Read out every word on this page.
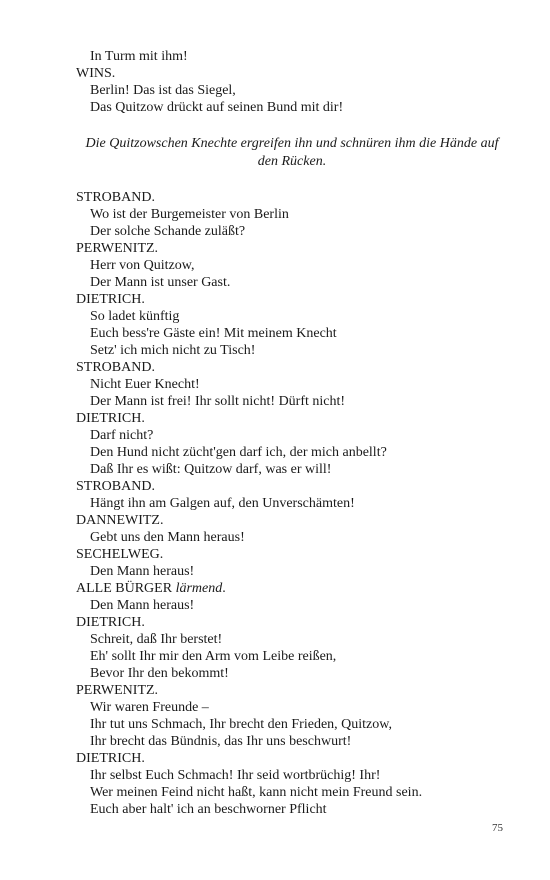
In Turm mit ihm!
WINS.
Berlin! Das ist das Siegel,
Das Quitzow drückt auf seinen Bund mit dir!
Die Quitzowschen Knechte ergreifen ihn und schnüren ihm die Hände auf den Rücken.
STROBAND.
Wo ist der Burgemeister von Berlin
Der solche Schande zuläßt?
PERWENITZ.
Herr von Quitzow,
Der Mann ist unser Gast.
DIETRICH.
So ladet künftig
Euch bess're Gäste ein! Mit meinem Knecht
Setz' ich mich nicht zu Tisch!
STROBAND.
Nicht Euer Knecht!
Der Mann ist frei! Ihr sollt nicht! Dürft nicht!
DIETRICH.
Darf nicht?
Den Hund nicht zücht'gen darf ich, der mich anbellt?
Daß Ihr es wißt: Quitzow darf, was er will!
STROBAND.
Hängt ihn am Galgen auf, den Unverschämten!
DANNEWITZ.
Gebt uns den Mann heraus!
SECHELWEG.
Den Mann heraus!
ALLE BÜRGER lärmend.
Den Mann heraus!
DIETRICH.
Schreit, daß Ihr berstet!
Eh' sollt Ihr mir den Arm vom Leibe reißen,
Bevor Ihr den bekommt!
PERWENITZ.
Wir waren Freunde –
Ihr tut uns Schmach, Ihr brecht den Frieden, Quitzow,
Ihr brecht das Bündnis, das Ihr uns beschwurt!
DIETRICH.
Ihr selbst Euch Schmach! Ihr seid wortbrüchig! Ihr!
Wer meinen Feind nicht haßt, kann nicht mein Freund sein.
Euch aber halt' ich an beschworner Pflicht
75
